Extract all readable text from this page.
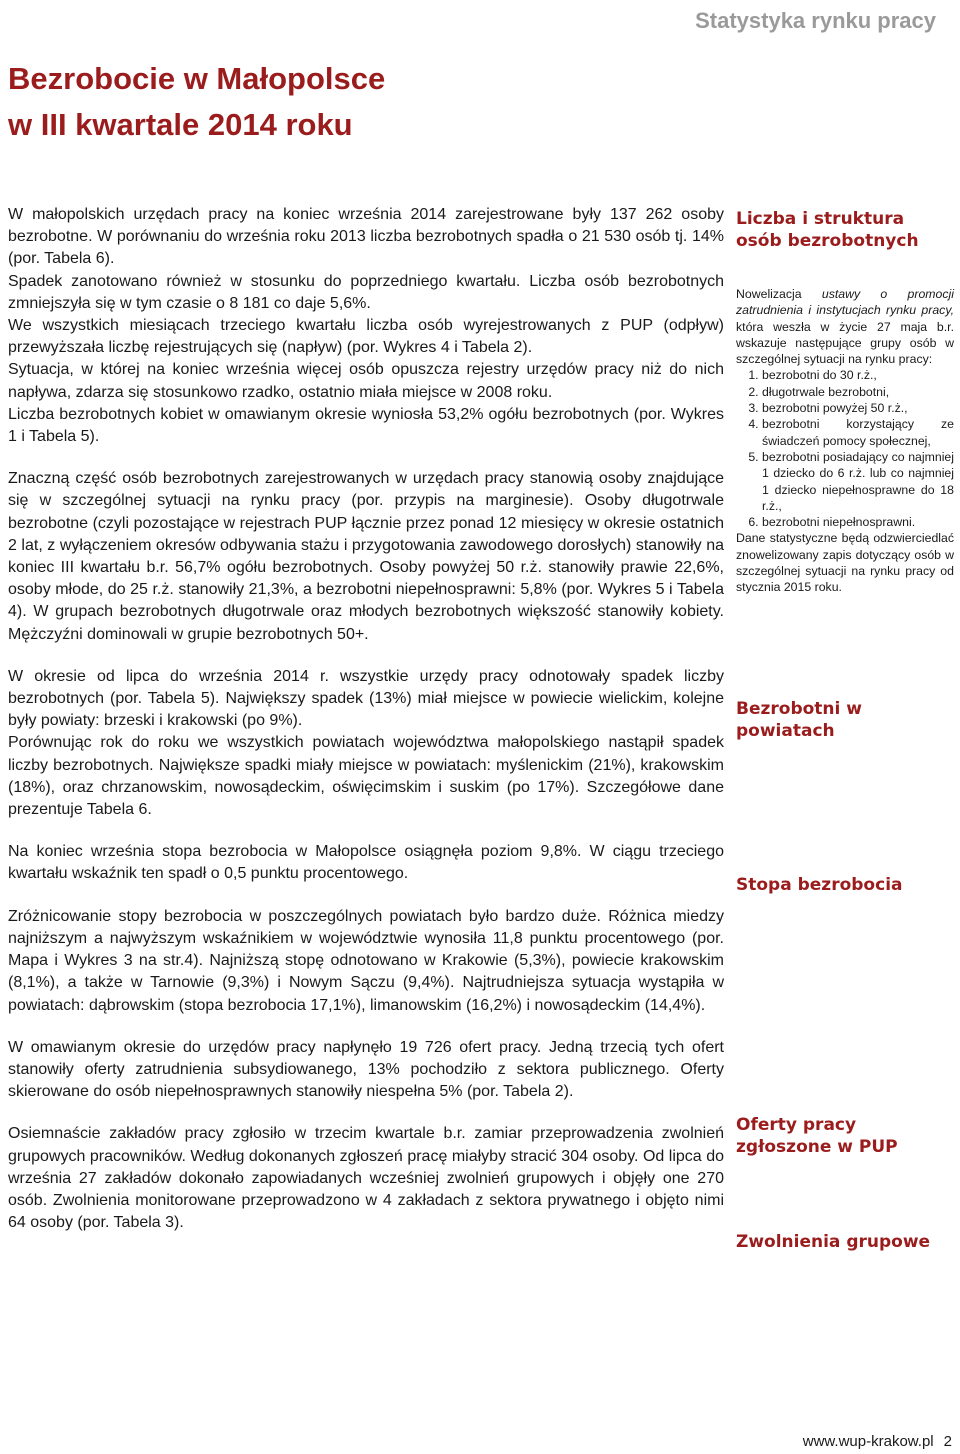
Statystyka rynku pracy
Bezrobocie w Małopolsce
w III kwartale 2014 roku

W małopolskich urzędach pracy na koniec września 2014 zarejestrowane były 137 262 osoby bezrobotne. W porównaniu do września roku 2013 liczba bezrobotnych spadła o 21 530 osób tj. 14% (por. Tabela 6).

Spadek zanotowano również w stosunku do poprzedniego kwartału. Liczba osób bezrobotnych zmniejszyła się w tym czasie o 8 181 co daje 5,6%.

We wszystkich miesiącach trzeciego kwartału liczba osób wyrejestrowanych z PUP (odpływ) przewyższała liczbę rejestrujących się (napływ) (por. Wykres 4 i Tabela 2).

Sytuacja, w której na koniec września więcej osób opuszcza rejestry urzędów pracy niż do nich napływa, zdarza się stosunkowo rzadko, ostatnio miała miejsce w 2008 roku.

Liczba bezrobotnych kobiet w omawianym okresie wyniosła 53,2% ogółu bezrobotnych (por. Wykres 1 i Tabela 5).

Znaczną część osób bezrobotnych zarejestrowanych w urzędach pracy stanowią osoby znajdujące się w szczególnej sytuacji na rynku pracy (por. przypis na marginesie). Osoby długotrwale bezrobotne (czyli pozostające w rejestrach PUP łącznie przez ponad 12 miesięcy w okresie ostatnich 2 lat, z wyłączeniem okresów odbywania stażu i przygotowania zawodowego dorosłych) stanowiły na koniec III kwartału b.r. 56,7% ogółu bezrobotnych. Osoby powyżej 50 r.ż. stanowiły prawie 22,6%, osoby młode, do 25 r.ż. stanowiły 21,3%, a bezrobotni niepełnosprawni: 5,8% (por. Wykres 5 i Tabela 4). W grupach bezrobotnych długotrwale oraz młodych bezrobotnych większość stanowiły kobiety. Mężczyźni dominowali w grupie bezrobotnych 50+.

W okresie od lipca do września 2014 r. wszystkie urzędy pracy odnotowały spadek liczby bezrobotnych (por. Tabela 5). Największy spadek (13%) miał miejsce w powiecie wielickim, kolejne były powiaty: brzeski i krakowski (po 9%).

Porównując rok do roku we wszystkich powiatach województwa małopolskiego nastąpił spadek liczby bezrobotnych. Największe spadki miały miejsce w powiatach: myślenickim (21%), krakowskim (18%), oraz chrzanowskim, nowosądeckim, oświęcimskim i suskim (po 17%). Szczegółowe dane prezentuje Tabela 6.

Na koniec września stopa bezrobocia w Małopolsce osiągnęła poziom 9,8%. W ciągu trzeciego kwartału wskaźnik ten spadł o 0,5 punktu procentowego.

Zróżnicowanie stopy bezrobocia w poszczególnych powiatach było bardzo duże. Różnica miedzy najniższym a najwyższym wskaźnikiem w województwie wynosiła 11,8 punktu procentowego (por. Mapa i Wykres 3 na str.4). Najniższą stopę odnotowano w Krakowie (5,3%), powiecie krakowskim (8,1%), a także w Tarnowie (9,3%) i Nowym Sączu (9,4%). Najtrudniejsza sytuacja wystąpiła w powiatach: dąbrowskim (stopa bezrobocia 17,1%), limanowskim (16,2%) i nowosądeckim (14,4%).

W omawianym okresie do urzędów pracy napłynęło 19 726 ofert pracy. Jedną trzecią tych ofert stanowiły oferty zatrudnienia subsydiowanego, 13% pochodziło z sektora publicznego. Oferty skierowane do osób niepełnosprawnych stanowiły niespełna 5% (por. Tabela 2).

Osiemnaście zakładów pracy zgłosiło w trzecim kwartale b.r. zamiar przeprowadzenia zwolnień grupowych pracowników. Według dokonanych zgłoszeń pracę miałyby stracić 304 osoby. Od lipca do września 27 zakładów dokonało zapowiadanych wcześniej zwolnień grupowych i objęły one 270 osób. Zwolnienia monitorowane przeprowadzono w 4 zakładach z sektora prywatnego i objęto nimi 64 osoby (por. Tabela 3).

Liczba i struktura osób bezrobotnych
Nowelizacja ustawy o promocji zatrudnienia i instytucjach rynku pracy, która weszła w życie 27 maja b.r. wskazuje następujące grupy osób w szczególnej sytuacji na rynku pracy:
1. bezrobotni do 30 r.ż.,
2. długotrwale bezrobotni,
3. bezrobotni powyżej 50 r.ż.,
4. bezrobotni korzystający ze świadczeń pomocy społecznej,
5. bezrobotni posiadający co najmniej 1 dziecko do 6 r.ż. lub co najmniej 1 dziecko niepełnosprawne do 18 r.ż.,
6. bezrobotni niepełnosprawni.
Dane statystyczne będą odzwierciedlać znowelizowany zapis dotyczący osób w szczególnej sytuacji na rynku pracy od stycznia 2015 roku.
Bezrobotni w powiatach
Stopa bezrobocia
Oferty pracy zgłoszone w PUP
Zwolnienia grupowe
www.wup-krakow.pl 2
